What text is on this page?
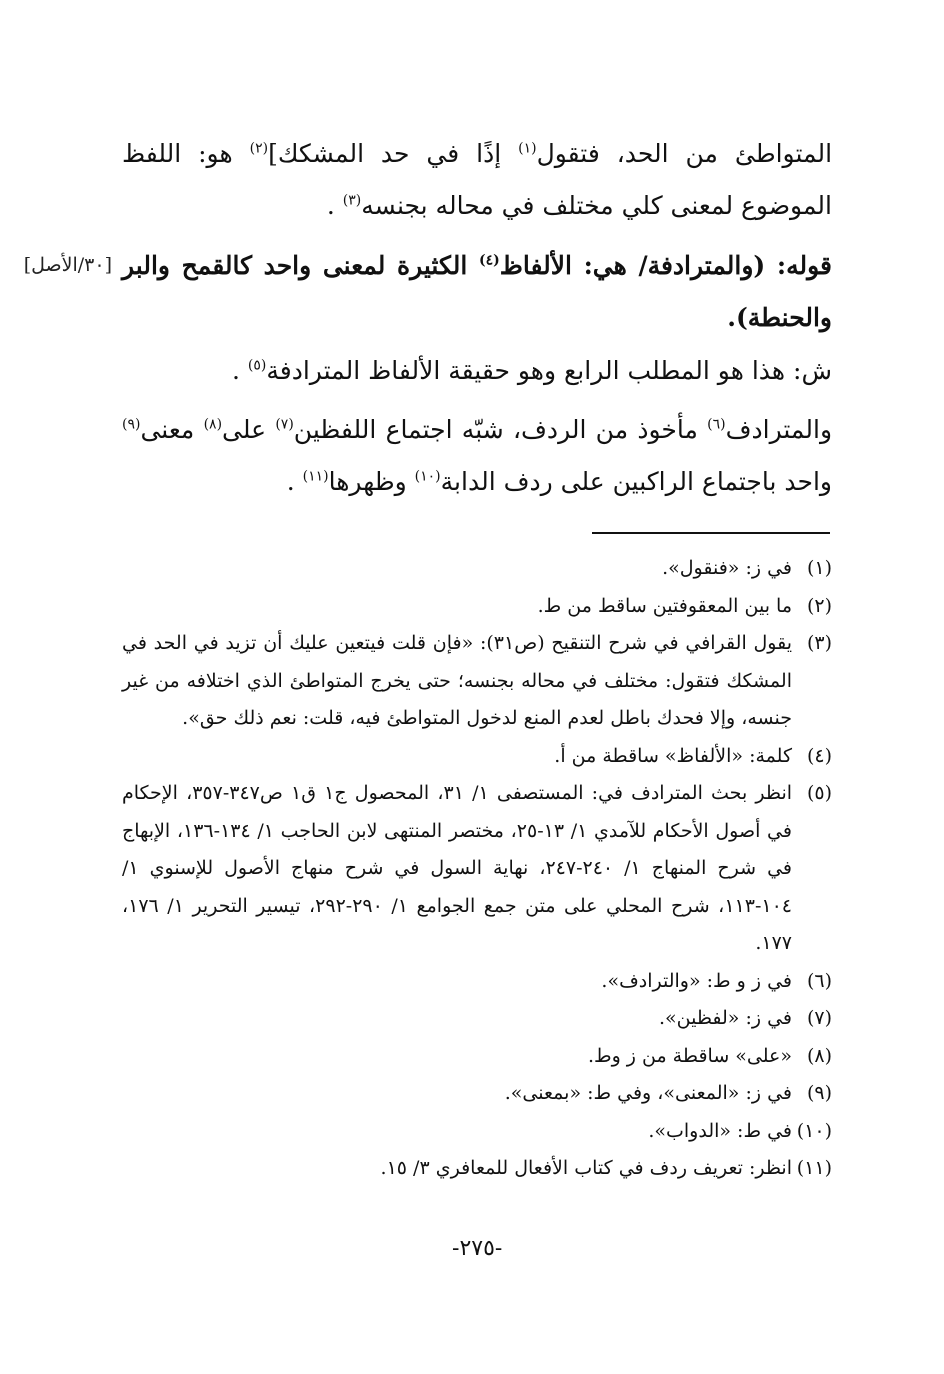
[٣٠/الأصل]

المتواطئ من الحد، فتقول$^{(١)}$ إذًا في حد المشكك]$^{(٢)}$ هو: اللفظ الموضوع لمعنى كلي مختلف في محاله بجنسه$^{(٣)}$ .

قوله: (والمترادفة/ هي: الألفاظ$^{(٤)}$ الكثيرة لمعنى واحد كالقمح والبر والحنطة).

ش: هذا هو المطلب الرابع وهو حقيقة الألفاظ المترادفة$^{(٥)}$ .

والمترادف$^{(٦)}$ مأخوذ من الردف، شبّه اجتماع اللفظين$^{(٧)}$ على$^{(٨)}$ معنى$^{(٩)}$ واحد باجتماع الراكبين على ردف الدابة$^{(١٠)}$ وظهرها$^{(١١)}$ .

(١)
في ز: «فنقول».
(٢)
ما بين المعقوفتين ساقط من ط.
(٣)
يقول القرافي في شرح التنقيح (ص٣١): «فإن قلت فيتعين عليك أن تزيد في الحد في المشكك فتقول: مختلف في محاله بجنسه؛ حتى يخرج المتواطئ الذي اختلافه من غير جنسه، وإلا فحدك باطل لعدم المنع لدخول المتواطئ فيه، قلت: نعم ذلك حق».
(٤)
كلمة: «الألفاظ» ساقطة من أ.
(٥)
انظر بحث المترادف في: المستصفى ١/ ٣١، المحصول ج١ ق١ ص٣٤٧-٣٥٧، الإحكام في أصول الأحكام للآمدي ١/ ١٣-٢٥، مختصر المنتهى لابن الحاجب ١/ ١٣٤-١٣٦، الإبهاج في شرح المنهاج ١/ ٢٤٠-٢٤٧، نهاية السول في شرح منهاج الأصول للإسنوي ١/ ١٠٤-١١٣، شرح المحلي على متن جمع الجوامع ١/ ٢٩٠-٢٩٢، تيسير التحرير ١/ ١٧٦، ١٧٧.
(٦)
في ز و ط: «والترادف».
(٧)
في ز: «لفظين».
(٨)
«على» ساقطة من ز وط.
(٩)
في ز: «المعنى»، وفي ط: «بمعنى».
(١٠)
في ط: «الدواب».
(١١)
انظر: تعريف ردف في كتاب الأفعال للمعافري ٣/ ١٥.
-٢٧٥-
